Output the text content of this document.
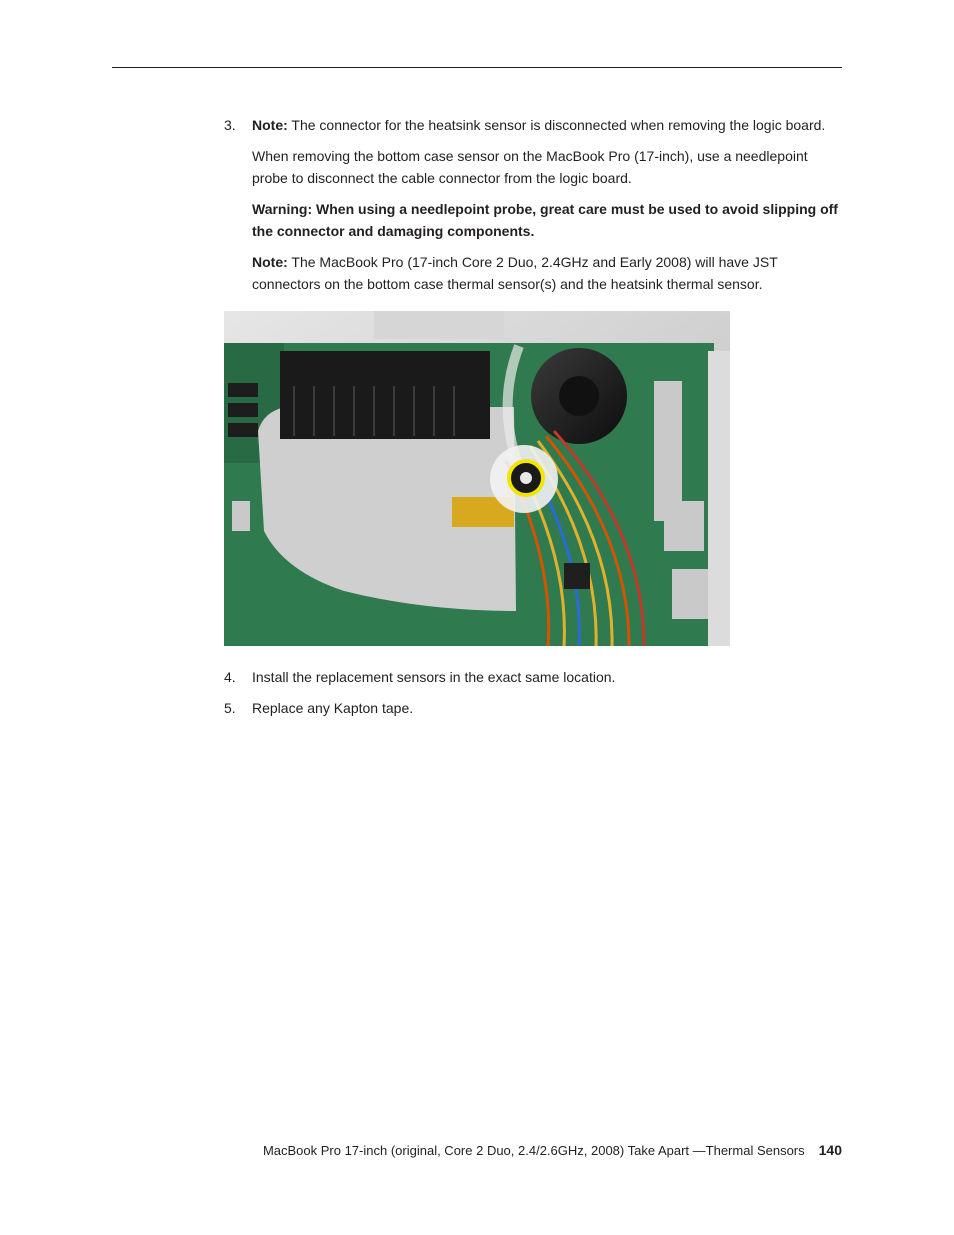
3. Note: The connector for the heatsink sensor is disconnected when removing the logic board.

When removing the bottom case sensor on the MacBook Pro (17-inch), use a needlepoint probe to disconnect the cable connector from the logic board.

Warning: When using a needlepoint probe, great care must be used to avoid slipping off the connector and damaging components.

Note: The MacBook Pro (17-inch Core 2 Duo, 2.4GHz and Early 2008) will have JST connectors on the bottom case thermal sensor(s) and the heatsink thermal sensor.

4. Install the replacement sensors in the exact same location.

5. Replace any Kapton tape.

MacBook Pro 17-inch (original, Core 2 Duo, 2.4/2.6GHz, 2008) Take Apart —Thermal Sensors 140
